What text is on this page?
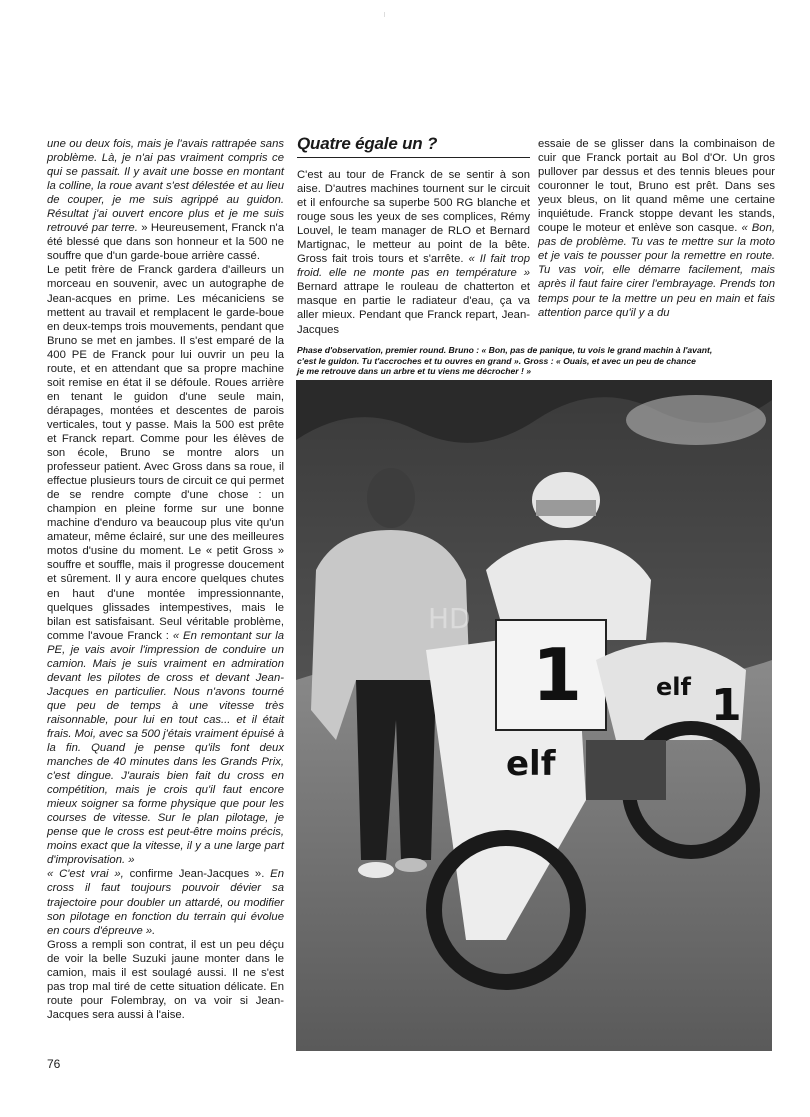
une ou deux fois, mais je l'avais rattrapée sans problème. Là, je n'ai pas vraiment compris ce qui se passait. Il y avait une bosse en montant la colline, la roue avant s'est délestée et au lieu de couper, je me suis agrippé au guidon. Résultat j'ai ouvert encore plus et je me suis retrouvé par terre. » Heureusement, Franck n'a été blessé que dans son honneur et la 500 ne souffre que d'un garde-boue arrière cassé.

Le petit frère de Franck gardera d'ailleurs un morceau en souvenir, avec un autographe de Jean-acques en prime. Les mécaniciens se mettent au travail et remplacent le garde-boue en deux-temps trois mouvements, pendant que Bruno se met en jambes. Il s'est emparé de la 400 PE de Franck pour lui ouvrir un peu la route, et en attendant que sa propre machine soit remise en état il se défoule. Roues arrière en tenant le guidon d'une seule main, dérapages, montées et descentes de parois verticales, tout y passe. Mais la 500 est prête et Franck repart. Comme pour les élèves de son école, Bruno se montre alors un professeur patient. Avec Gross dans sa roue, il effectue plusieurs tours de circuit ce qui permet de se rendre compte d'une chose : un champion en pleine forme sur une bonne machine d'enduro va beaucoup plus vite qu'un amateur, même éclairé, sur une des meilleures motos d'usine du moment. Le « petit Gross » souffre et souffle, mais il progresse doucement et sûrement. Il y aura encore quelques chutes en haut d'une montée impressionnante, quelques glissades intempestives, mais le bilan est satisfaisant. Seul véritable problème, comme l'avoue Franck : « En remontant sur la PE, je vais avoir l'impression de conduire un camion. Mais je suis vraiment en admiration devant les pilotes de cross et devant Jean-Jacques en particulier. Nous n'avons tourné que peu de temps à une vitesse très raisonnable, pour lui en tout cas... et il était frais. Moi, avec sa 500 j'étais vraiment épuisé à la fin. Quand je pense qu'ils font deux manches de 40 minutes dans les Grands Prix, c'est dingue. J'aurais bien fait du cross en compétition, mais je crois qu'il faut encore mieux soigner sa forme physique que pour les courses de vitesse. Sur le plan pilotage, je pense que le cross est peut-être moins précis, moins exact que la vitesse, il y a une large part d'improvisation. »

« C'est vrai », confirme Jean-Jacques ». En cross il faut toujours pouvoir dévier sa trajectoire pour doubler un attardé, ou modifier son pilotage en fonction du terrain qui évolue en cours d'épreuve ».

Gross a rempli son contrat, il est un peu déçu de voir la belle Suzuki jaune monter dans le camion, mais il est soulagé aussi. Il ne s'est pas trop mal tiré de cette situation délicate. En route pour Folembray, on va voir si Jean-Jacques sera aussi à l'aise.

Quatre égale un ?

C'est au tour de Franck de se sentir à son aise. D'autres machines tournent sur le circuit et il enfourche sa superbe 500 RG blanche et rouge sous les yeux de ses complices, Rémy Louvel, le team manager de RLO et Bernard Martignac, le metteur au point de la bête. Gross fait trois tours et s'arrête. « Il fait trop froid. elle ne monte pas en température » Bernard attrape le rouleau de chatterton et masque en partie le radiateur d'eau, ça va aller mieux. Pendant que Franck repart, Jean-Jacques

essaie de se glisser dans la combinaison de cuir que Franck portait au Bol d'Or. Un gros pullover par dessus et des tennis bleues pour couronner le tout, Bruno est prêt. Dans ses yeux bleus, on lit quand même une certaine inquiétude. Franck stoppe devant les stands, coupe le moteur et enlève son casque. « Bon, pas de problème. Tu vas te mettre sur la moto et je vais te pousser pour la remettre en route. Tu vas voir, elle démarre facilement, mais après il faut faire cirer l'embrayage. Prends ton temps pour te la mettre un peu en main et fais attention parce qu'il y a du

Phase d'observation, premier round. Bruno : « Bon, pas de panique, tu vois le grand machin à l'avant,
c'est le guidon. Tu t'accroches et tu ouvres en grand ». Gross : « Ouais, et avec un peu de chance
je me retrouve dans un arbre et tu viens me décrocher ! »
1
elf
elf 1
HD
76
